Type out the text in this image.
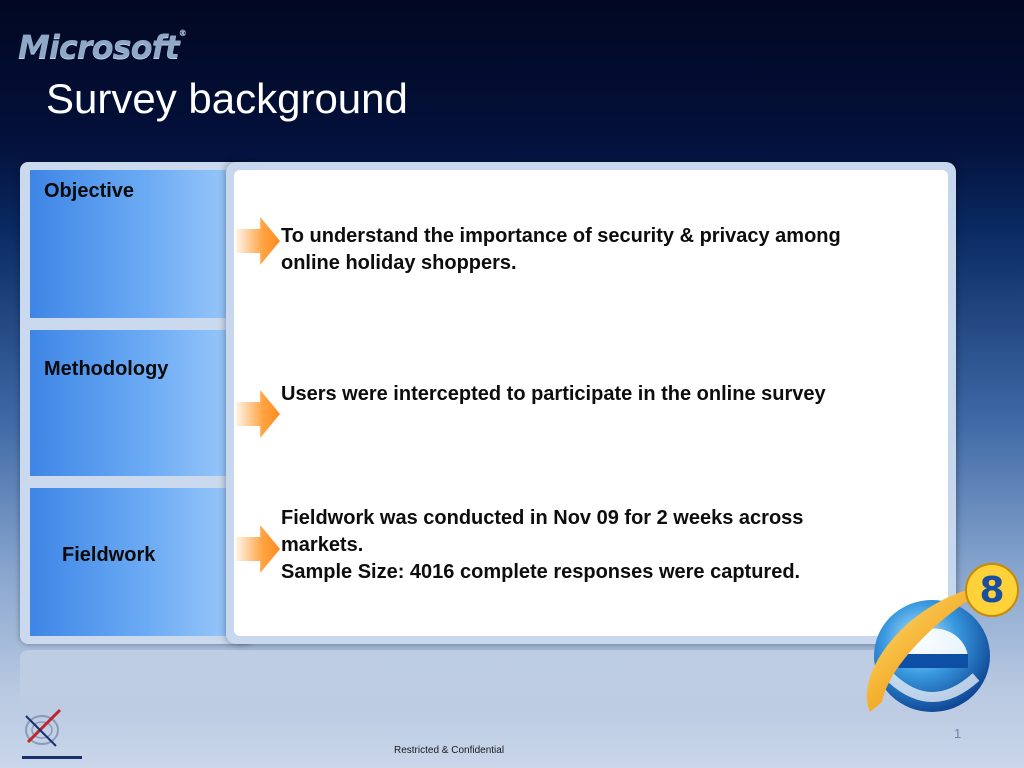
Microsoft®
Survey background
Objective
Methodology
Fieldwork
To understand the importance of security & privacy among online holiday shoppers.
Users were intercepted to participate in the online survey
Fieldwork was conducted in Nov 09 for 2 weeks across markets.
Sample Size: 4016 complete responses were captured.	8
1
Restricted & Confidential
